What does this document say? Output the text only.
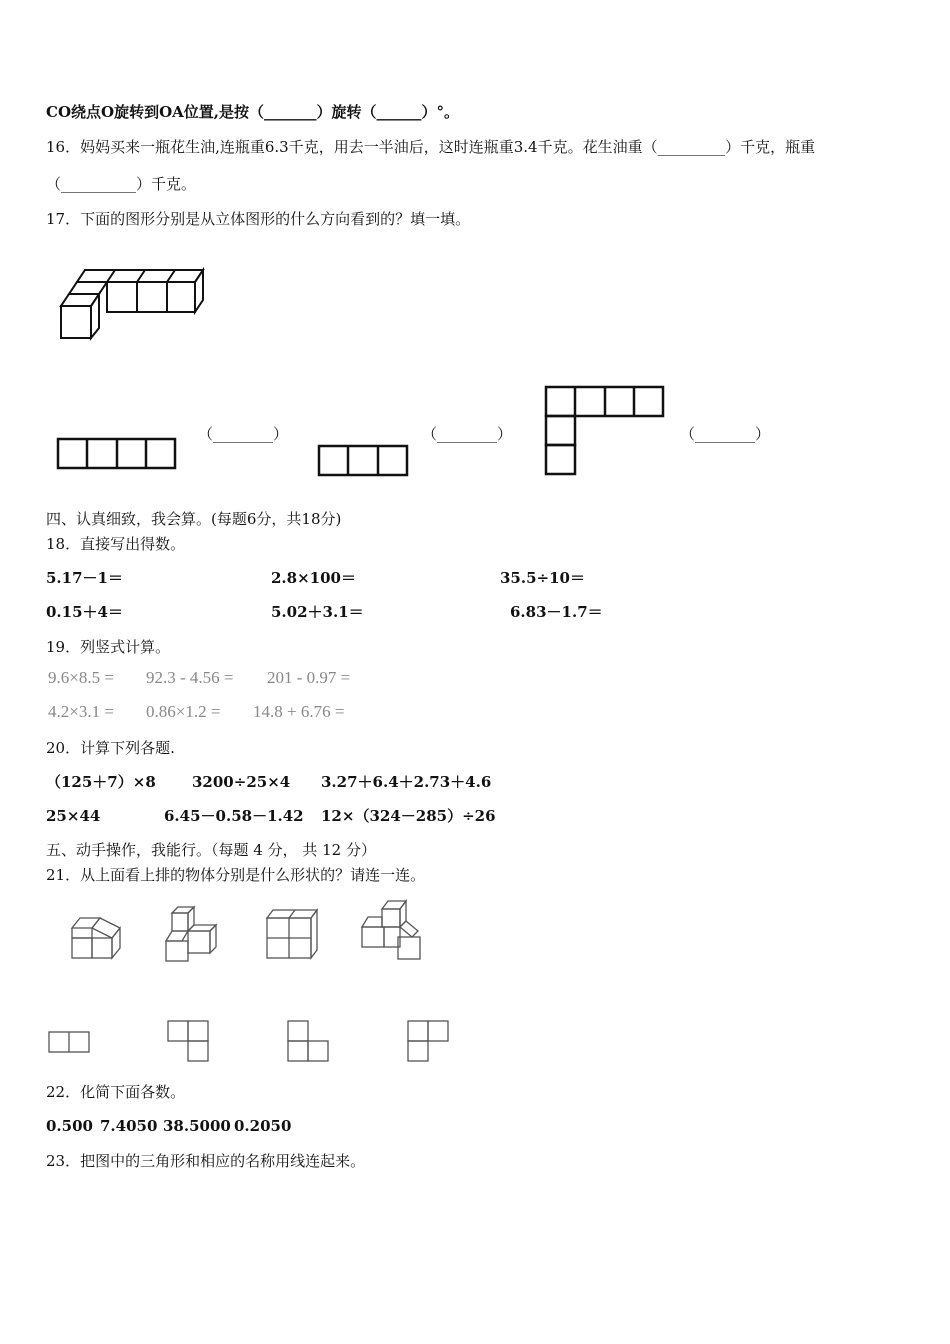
CO绕点O旋转到OA位置,是按（_______）旋转（______）°。
16．妈妈买来一瓶花生油,连瓶重6.3千克，用去一半油后，这时连瓶重3.4千克。花生油重（_________）千克，瓶重
（__________）千克。
17．下面的图形分别是从立体图形的什么方向看到的？填一填。
（________）	（________）	（________）
四、认真细致，我会算。(每题6分，共18分)
18．直接写出得数。
5.17－1＝	2.8×100＝	35.5÷10＝
0.15＋4＝	5.02＋3.1＝	6.83－1.7＝
19．列竖式计算。
9.6×8.5 = 92.3 - 4.56 = 201 - 0.97 =
4.2×3.1 = 0.86×1.2 = 14.8 + 6.76 =
20．计算下列各题.
（125＋7）×8 3200÷25×4 3.27＋6.4＋2.73＋4.6
25×44	6.45－0.58－1.42 12×（324－285）÷26
五、动手操作，我能行。（每题 4 分， 共 12 分）
21．从上面看上排的物体分别是什么形状的？请连一连。
22．化简下面各数。
0.500 7.4050 38.5000 0.2050
23．把图中的三角形和相应的名称用线连起来。
